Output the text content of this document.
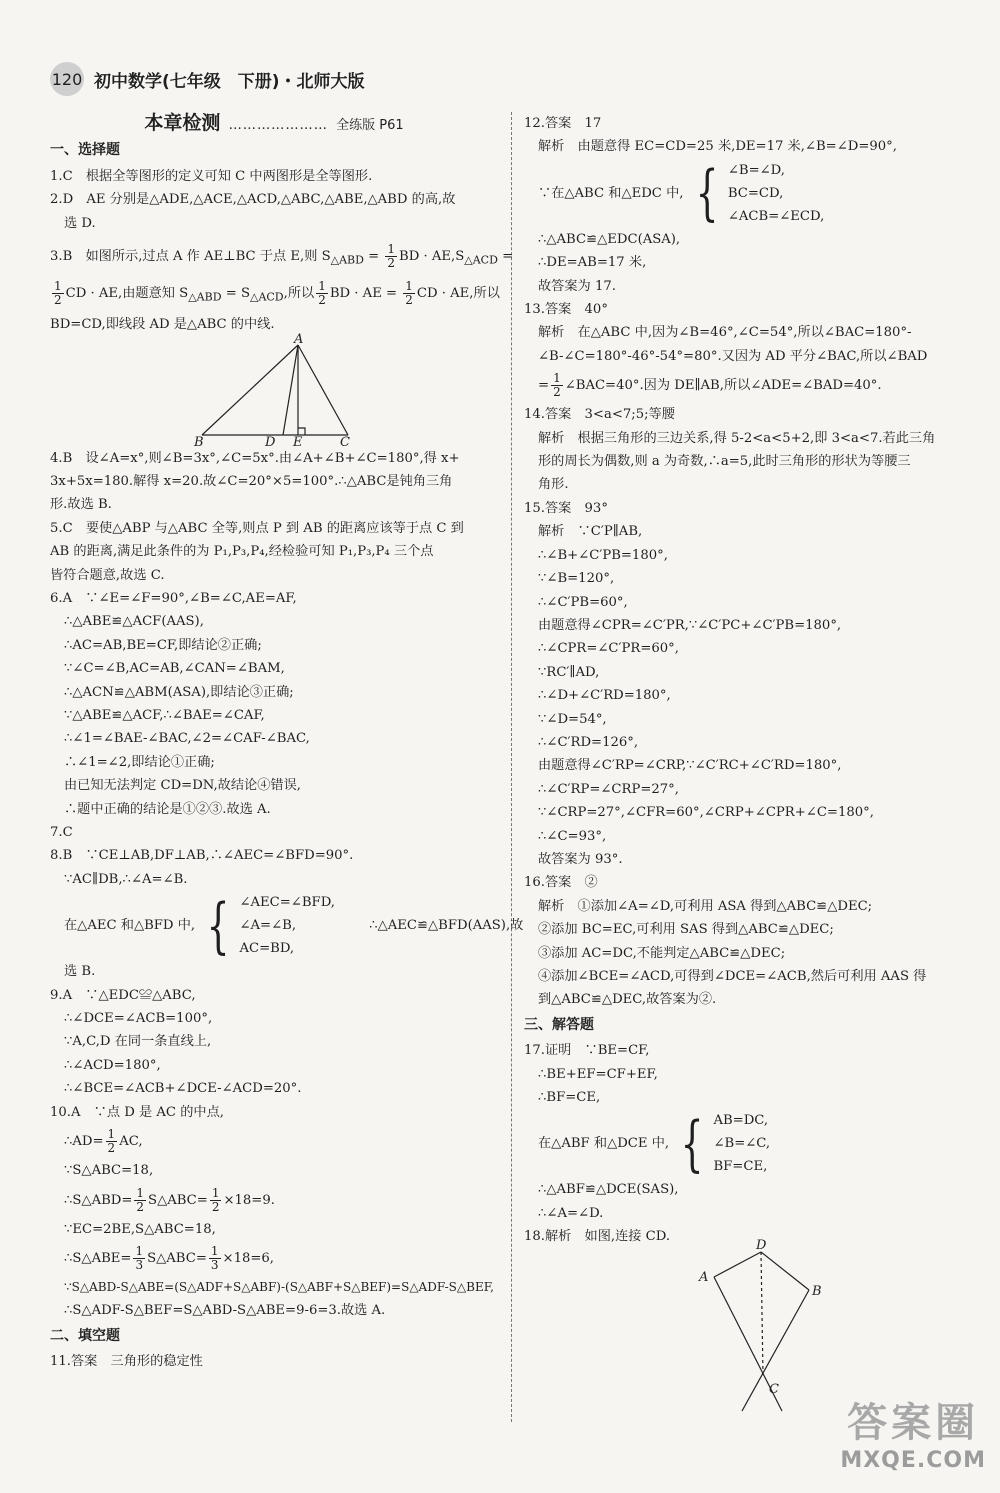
120 初中数学(七年级　下册)・北师大版
本章检测 ………………… 全练版 P61
一、选择题
1.C　根据全等图形的定义可知 C 中两图形是全等图形.
2.D　AE 分别是△ADE,△ACE,△ACD,△ABC,△ABE,△ABD 的高,故
选 D.
3.B　如图所示,过点 A 作 AE⊥BC 于点 E,则 $S_{\triangle ABD} = \frac{1}{2}$ BD · $AE,S_{\triangle ACD}$ =
$\frac{1}{2}$ CD · AE,由题意知 $S_{\triangle ABD} = S_{\triangle ACD}$,所以 $\frac{1}{2}$ BD · AE = $\frac{1}{2}$ CD · AE,所以
BD=CD,即线段 AD 是△ABC 的中线.
A
B	D E	C
4.B　设∠A=x°,则∠B=3x°,∠C=5x°.由∠A+∠B+∠C=180°,得 x+
3x+5x=180.解得 x=20.故∠C=20°×5=100°.∴△ABC是钝角三角
形.故选 B.
5.C　要使△ABP 与△ABC 全等,则点 P 到 AB 的距离应该等于点 C 到
AB 的距离,满足此条件的为 P₁,P₃,P₄,经检验可知 P₁,P₃,P₄ 三个点
皆符合题意,故选 C.
6.A　∵∠E=∠F=90°,∠B=∠C,AE=AF,
∴△ABE≌△ACF(AAS),
∴AC=AB,BE=CF,即结论②正确;
∵∠C=∠B,AC=AB,∠CAN=∠BAM,
∴△ACN≌△ABM(ASA),即结论③正确;
∵△ABE≌△ACF,∴∠BAE=∠CAF,
∴∠1=∠BAE-∠BAC,∠2=∠CAF-∠BAC,
∴∠1=∠2,即结论①正确;
由已知无法判定 CD=DN,故结论④错误,
∴题中正确的结论是①②③.故选 A.
7.C
8.B　∵CE⊥AB,DF⊥AB,∴∠AEC=∠BFD=90°.
∵AC∥DB,∴∠A=∠B.
在△AEC 和△BFD 中, { ∠AEC=∠BFD,
∠A=∠B,
AC=BD,
∴△AEC≌△BFD(AAS),故
选 B.
9.A　∵△EDC≌△ABC,
∴∠DCE=∠ACB=100°,
∵A,C,D 在同一条直线上,
∴∠ACD=180°,
∴∠BCE=∠ACB+∠DCE-∠ACD=20°.
10.A　∵点 D 是 AC 的中点,
∴AD= $\frac{1}{2}$ AC,
∵S△ABC=18,
∴S△ABD= $\frac{1}{2}$ S△ABC= $\frac{1}{2} \times 18=9$.
∵EC=2BE,S△ABC=18,
∴S△ABE= $\frac{1}{3}$ S△ABC= $\frac{1}{3} \times 18=6$,
∵S△ABD-S△ABE=(S△ADF+S△ABF)-(S△ABF+S△BEF)=S△ADF-S△BEF,
∴S△ADF-S△BEF=S△ABD-S△ABE=9-6=3.故选 A.
二、填空题
11.答案　三角形的稳定性
12.答案　17
解析　由题意得 EC=CD=25 米,DE=17 米,∠B=∠D=90°,
∵在△ABC 和△EDC 中, { ∠B=∠D,
BC=CD,
∠ACB=∠ECD,
∴△ABC≌△EDC(ASA),
∴DE=AB=17 米,
故答案为 17.
13.答案　40°
解析　在△ABC 中,因为∠B=46°,∠C=54°,所以∠BAC=180°-
∠B-∠C=180°-46°-54°=80°.又因为 AD 平分∠BAC,所以∠BAD
= $\frac{1}{2}$ ∠BAC=40°.因为 DE∥AB,所以∠ADE=∠BAD=40°.
14.答案　3<a<7;5;等腰
解析　根据三角形的三边关系,得 5-2<a<5+2,即 3<a<7.若此三角
形的周长为偶数,则 a 为奇数,∴a=5,此时三角形的形状为等腰三
角形.
15.答案　93°
解析　∵C′P∥AB,
∴∠B+∠C′PB=180°,
∵∠B=120°,
∴∠C′PB=60°,
由题意得∠CPR=∠C′PR,∵∠C′PC+∠C′PB=180°,
∴∠CPR=∠C′PR=60°,
∵RC′∥AD,
∴∠D+∠C′RD=180°,
∵∠D=54°,
∴∠C′RD=126°,
由题意得∠C′RP=∠CRP,∵∠C′RC+∠C′RD=180°,
∴∠C′RP=∠CRP=27°,
∵∠CRP=27°,∠CFR=60°,∠CRP+∠CPR+∠C=180°,
∴∠C=93°,
故答案为 93°.
16.答案　②
解析　①添加∠A=∠D,可利用 ASA 得到△ABC≌△DEC;
②添加 BC=EC,可利用 SAS 得到△ABC≌△DEC;
③添加 AC=DC,不能判定△ABC≌△DEC;
④添加∠BCE=∠ACD,可得到∠DCE=∠ACB,然后可利用 AAS 得
到△ABC≌△DEC,故答案为②.
三、解答题
17.证明　∵BE=CF,
∴BE+EF=CF+EF,
∴BF=CE,
在△ABF 和△DCE 中, { AB=DC,
∠B=∠C,
BF=CE,
∴△ABF≌△DCE(SAS),
∴∠A=∠D.
18.解析　如图,连接 CD.
D
A
B
C
答案圈
MXQE.COM
